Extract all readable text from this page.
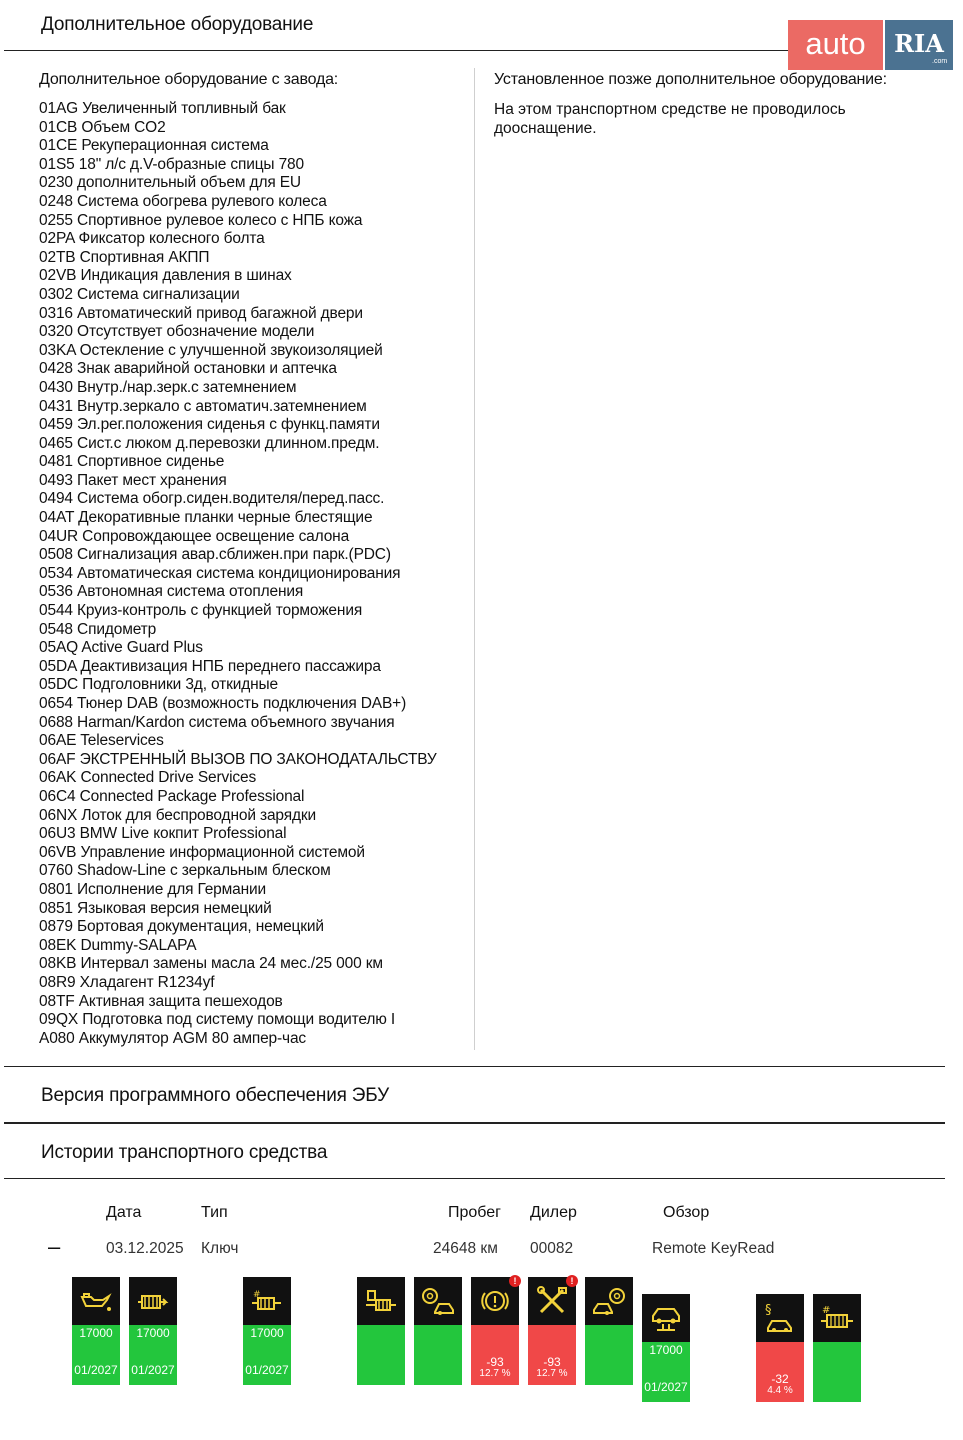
Дополнительное оборудование
auto	RIA
.com
Дополнительное оборудование с завода:
01AG Увеличенный топливный бак
01CB Объем CO2
01CE Рекуперационная система
01S5 18" л/с д.V-образные спицы 780
0230 дополнительный объем для EU
0248 Система обогрева рулевого колеса
0255 Спортивное рулевое колесо с НПБ кожа
02PA Фиксатор колесного болта
02TB Спортивная АКПП
02VB Индикация давления в шинах
0302 Система сигнализации
0316 Автоматический привод багажной двери
0320 Отсутствует обозначение модели
03KA Остекление с улучшенной звукоизоляцией
0428 Знак аварийной остановки и аптечка
0430 Внутр./нар.зерк.с затемнением
0431 Внутр.зеркало с автоматич.затемнением
0459 Эл.рег.положения сиденья с функц.памяти
0465 Сист.с люком д.перевозки длинном.предм.
0481 Спортивное сиденье
0493 Пакет мест хранения
0494 Система обогр.сиден.водителя/перед.пасс.
04AT Декоративные планки черные блестящие
04UR Сопровождающее освещение салона
0508 Сигнализация авар.сближен.при парк.(PDC)
0534 Автоматическая система кондиционирования
0536 Автономная система отопления
0544 Круиз-контроль с функцией торможения
0548 Спидометр
05AQ Active Guard Plus
05DA Деактивизация НПБ переднего пассажира
05DC Подголовники 3д, откидные
0654 Тюнер DAB (возможность подключения DAB+)
0688 Harman/Kardon система объемного звучания
06AE Teleservices
06AF ЭКСТРЕННЫЙ ВЫЗОВ ПО ЗАКОНОДАТАЛЬСТВУ
06AK Connected Drive Services
06C4 Connected Package Professional
06NX Лоток для беспроводной зарядки
06U3 BMW Live кокпит Professional
06VB Управление информационной системой
0760 Shadow-Line с зеркальным блеском
0801 Исполнение для Германии
0851 Языковая версия немецкий
0879 Бортовая документация, немецкий
08EK Dummy-SALAPA
08KB Интервал замены масла 24 мес./25 000 км
08R9 Хладагент R1234yf
08TF Активная защита пешеходов
09QX Подготовка под систему помощи водителю I
A080 Аккумулятор AGM 80 ампер-час
Установленное позже дополнительное оборудование:
На этом транспортном средстве не проводилось
дооснащение.
Версия программного обеспечения ЭБУ
Истории транспортного средства
Дата	Тип	Пробег Дилер	Обзор
–	03.12.2025 Ключ	24648 км 00082	Remote KeyRead
17000
01/2027
17000
01/2027
#
17000
01/2027
!
-93
12.7 %
!
-93
12.7 %
17000
01/2027
§
-32
4.4 %
#
